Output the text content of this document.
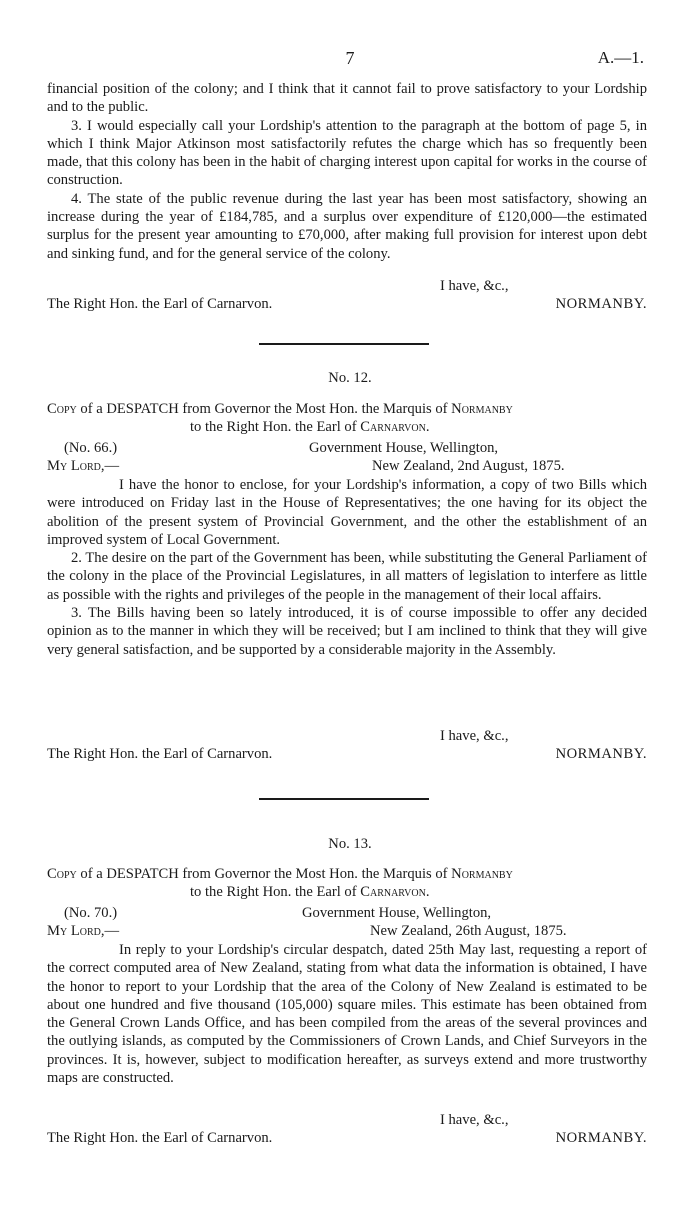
7	A.—1.

financial position of the colony; and I think that it cannot fail to prove satisfactory to your Lordship and to the public.

3. I would especially call your Lordship's attention to the paragraph at the bottom of page 5, in which I think Major Atkinson most satisfactorily refutes the charge which has so frequently been made, that this colony has been in the habit of charging interest upon capital for works in the course of construction.

4. The state of the public revenue during the last year has been most satisfactory, showing an increase during the year of £184,785, and a surplus over expenditure of £120,000—the estimated surplus for the present year amounting to £70,000, after making full provision for interest upon debt and sinking fund, and for the general service of the colony.

I have, &c.,
The Right Hon. the Earl of Carnarvon.	NORMANBY.
No. 12.
Copy of a DESPATCH from Governor the Most Hon. the Marquis of Normanby
to the Right Hon. the Earl of Carnarvon.
(No. 66.)	Government House, Wellington,
My Lord,—	New Zealand, 2nd August, 1875.

I have the honor to enclose, for your Lordship's information, a copy of two Bills which were introduced on Friday last in the House of Representatives; the one having for its object the abolition of the present system of Provincial Government, and the other the establishment of an improved system of Local Government.

2. The desire on the part of the Government has been, while substituting the General Parliament of the colony in the place of the Provincial Legislatures, in all matters of legislation to interfere as little as possible with the rights and privileges of the people in the management of their local affairs.

3. The Bills having been so lately introduced, it is of course impossible to offer any decided opinion as to the manner in which they will be received; but I am inclined to think that they will give very general satisfaction, and be supported by a considerable majority in the Assembly.

I have, &c.,
The Right Hon. the Earl of Carnarvon.	NORMANBY.
No. 13.
Copy of a DESPATCH from Governor the Most Hon. the Marquis of Normanby
to the Right Hon. the Earl of Carnarvon.
(No. 70.)	Government House, Wellington,
My Lord,—	New Zealand, 26th August, 1875.

In reply to your Lordship's circular despatch, dated 25th May last, requesting a report of the correct computed area of New Zealand, stating from what data the information is obtained, I have the honor to report to your Lordship that the area of the Colony of New Zealand is estimated to be about one hundred and five thousand (105,000) square miles. This estimate has been obtained from the General Crown Lands Office, and has been compiled from the areas of the several provinces and the outlying islands, as computed by the Commissioners of Crown Lands, and Chief Surveyors in the provinces. It is, however, subject to modification hereafter, as surveys extend and more trustworthy maps are constructed.

I have, &c.,
The Right Hon. the Earl of Carnarvon.	NORMANBY.
